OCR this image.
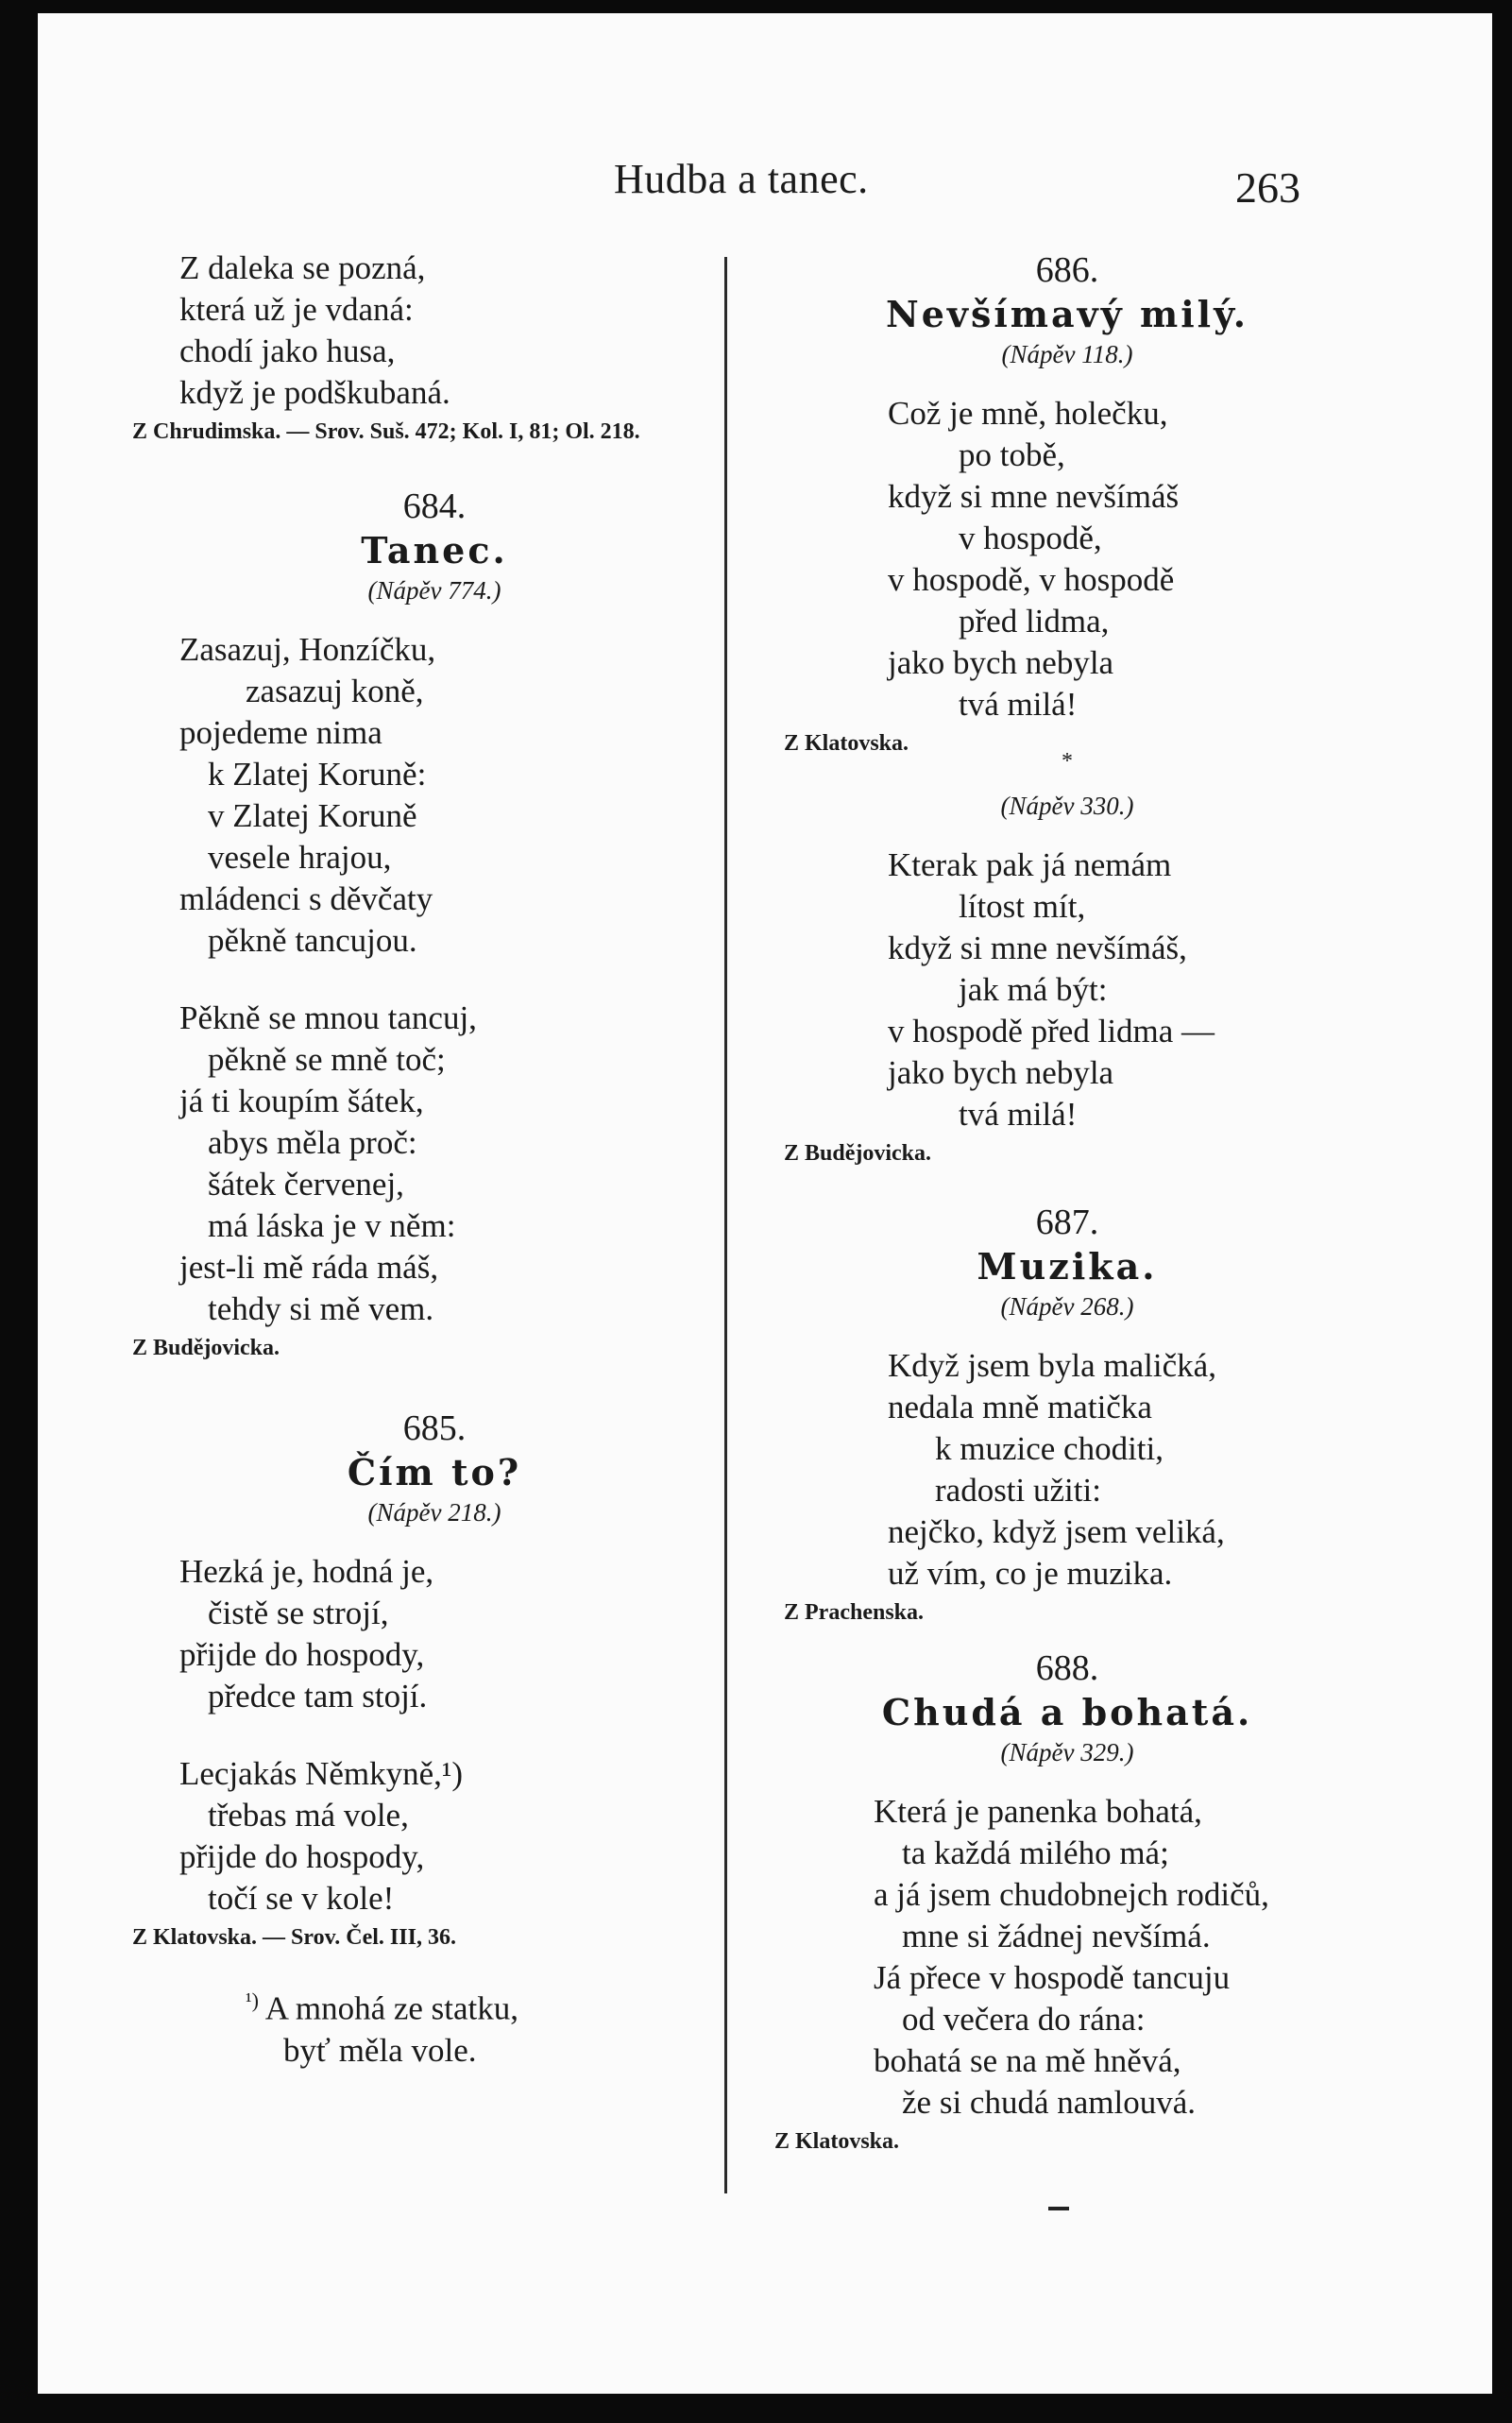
Hudba a tanec.	263
Z daleka se pozná,
která už je vdaná:
chodí jako husa,
když je podškubaná.
Z Chrudimska. — Srov. Suš. 472; Kol. I, 81; Ol. 218.
684.
Tanec.
(Nápěv 774.)
Zasazuj, Honzíčku,
zasazuj koně,
pojedeme nima
k Zlatej Koruně:
v Zlatej Koruně
vesele hrajou,
mládenci s děvčaty
pěkně tancujou.
Pěkně se mnou tancuj,
pěkně se mně toč;
já ti koupím šátek,
abys měla proč:
šátek červenej,
má láska je v něm:
jest-li mě ráda máš,
tehdy si mě vem.
Z Budějovicka.
685.
Čím to?
(Nápěv 218.)
Hezká je, hodná je,
čistě se strojí,
přijde do hospody,
předce tam stojí.
Lecjakás Němkyně,¹)
třebas má vole,
přijde do hospody,
točí se v kole!
Z Klatovska. — Srov. Čel. III, 36.
$^{^1)}$ A mnohá ze statku,
byť měla vole.
686.
Nevšímavý milý.
(Nápěv 118.)
Což je mně, holečku,
po tobě,
když si mne nevšímáš
v hospodě,
v hospodě, v hospodě
před lidma,
jako bych nebyla
tvá milá!
Z Klatovska.
*
(Nápěv 330.)
Kterak pak já nemám
lítost mít,
když si mne nevšímáš,
jak má být:
v hospodě před lidma —
jako bych nebyla
tvá milá!
Z Budějovicka.
687.
Muzika.
(Nápěv 268.)
Když jsem byla maličká,
nedala mně matička
k muzice choditi,
radosti užiti:
nejčko, když jsem veliká,
už vím, co je muzika.
Z Prachenska.
688.
Chudá a bohatá.
(Nápěv 329.)
Která je panenka bohatá,
ta každá milého má;
a já jsem chudobnejch rodičů,
mne si žádnej nevšímá.
Já přece v hospodě tancuju
od večera do rána:
bohatá se na mě hněvá,
že si chudá namlouvá.
Z Klatovska.
